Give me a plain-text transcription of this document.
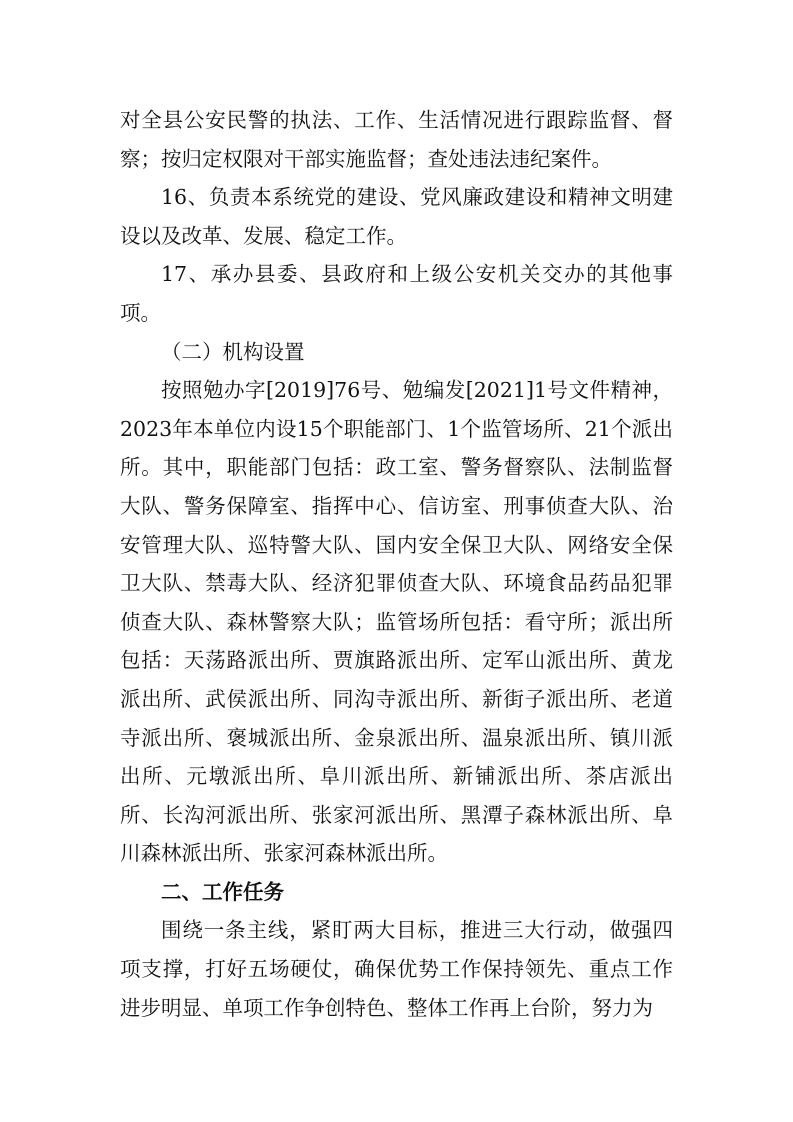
对全县公安民警的执法、工作、生活情况进行跟踪监督、督察；按归定权限对干部实施监督；查处违法违纪案件。

16、负责本系统党的建设、党风廉政建设和精神文明建设以及改革、发展、稳定工作。

17、承办县委、县政府和上级公安机关交办的其他事项。

（二）机构设置

按照勉办字[2019]76号、勉编发[2021]1号文件精神，2023年本单位内设15个职能部门、1个监管场所、21个派出所。其中，职能部门包括：政工室、警务督察队、法制监督大队、警务保障室、指挥中心、信访室、刑事侦查大队、治安管理大队、巡特警大队、国内安全保卫大队、网络安全保卫大队、禁毒大队、经济犯罪侦查大队、环境食品药品犯罪侦查大队、森林警察大队；监管场所包括：看守所；派出所包括：天荡路派出所、贾旗路派出所、定军山派出所、黄龙派出所、武侯派出所、同沟寺派出所、新街子派出所、老道寺派出所、褒城派出所、金泉派出所、温泉派出所、镇川派出所、元墩派出所、阜川派出所、新铺派出所、茶店派出所、长沟河派出所、张家河派出所、黑潭子森林派出所、阜川森林派出所、张家河森林派出所。

二、工作任务

围绕一条主线，紧盯两大目标，推进三大行动，做强四项支撑，打好五场硬仗，确保优势工作保持领先、重点工作进步明显、单项工作争创特色、整体工作再上台阶，努力为
